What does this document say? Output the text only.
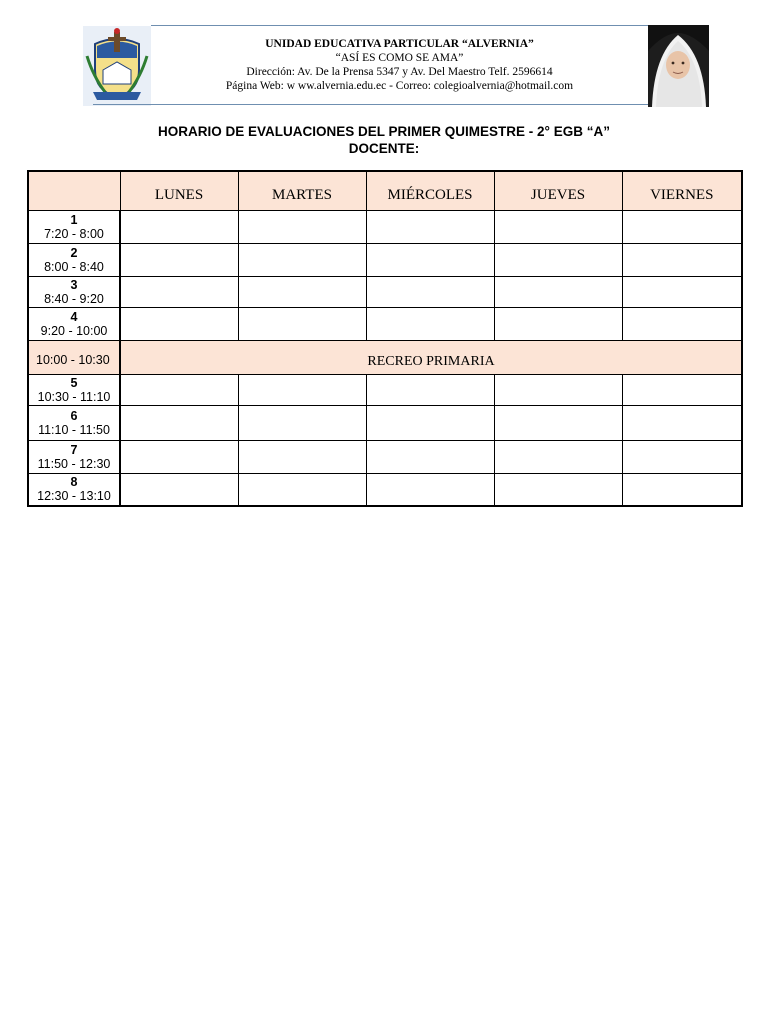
UNIDAD EDUCATIVA PARTICULAR “ALVERNIA”
“ASÍ ES COMO SE AMA”
Dirección: Av. De la Prensa 5347 y Av. Del Maestro Telf. 2596614
Página Web: w ww.alvernia.edu.ec - Correo: colegioalvernia@hotmail.com
HORARIO DE EVALUACIONES DEL PRIMER QUIMESTRE - 2° EGB “A”
DOCENTE:
	LUNES	MARTES	MIÉRCOLES	JUEVES	VIERNES

1
7:20 - 8:00					

2
8:00 - 8:40					

3
8:40 - 9:20					

4
9:20 - 10:00					

10:00 - 10:30	RECREO PRIMARIA				

5
10:30 - 11:10					

6
11:10 - 11:50					

7
11:50 - 12:30					

8
12:30 - 13:10					
